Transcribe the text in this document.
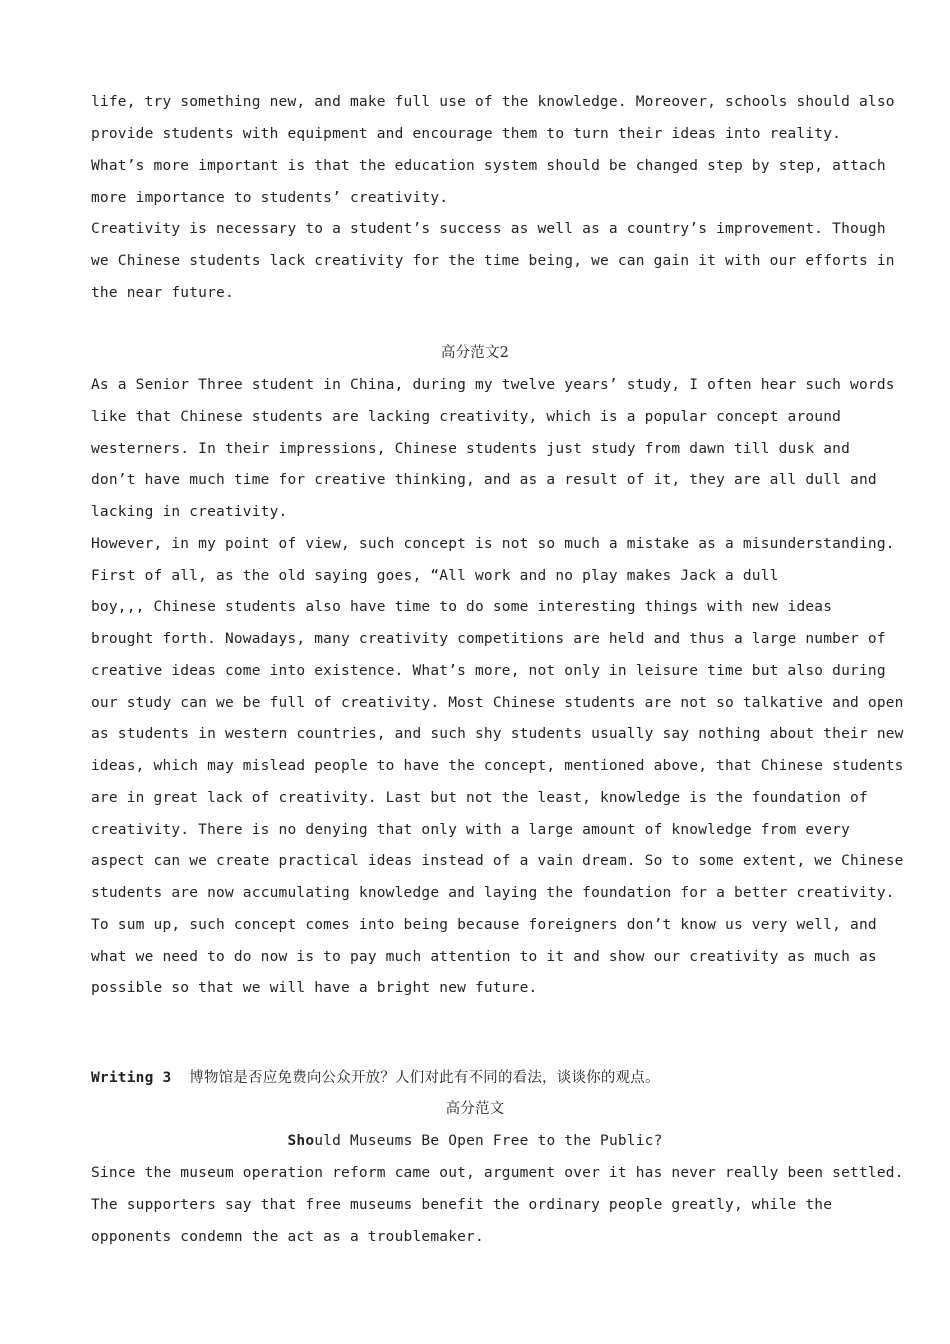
life, try something new, and make full use of the knowledge. Moreover, schools should also
provide students with equipment and encourage them to turn their ideas into reality.
What’s more important is that the education system should be changed step by step, attach
more importance to students’ creativity.
Creativity is necessary to a student’s success as well as a country’s improvement. Though
we Chinese students lack creativity for the time being, we can gain it with our efforts in
the near future.
高分范文2
As a Senior Three student in China, during my twelve years’ study, I often hear such words
like that Chinese students are lacking creativity, which is a popular concept around
westerners. In their impressions, Chinese students just study from dawn till dusk and
don’t have much time for creative thinking, and as a result of it, they are all dull and
lacking in creativity.
However, in my point of view, such concept is not so much a mistake as a misunderstanding.
First of all, as the old saying goes, “All work and no play makes Jack a dull
boy,,, Chinese students also have time to do some interesting things with new ideas
brought forth. Nowadays, many creativity competitions are held and thus a large number of
creative ideas come into existence. What’s more, not only in leisure time but also during
our study can we be full of creativity. Most Chinese students are not so talkative and open
as students in western countries, and such shy students usually say nothing about their new
ideas, which may mislead people to have the concept, mentioned above, that Chinese students
are in great lack of creativity. Last but not the least, knowledge is the foundation of
creativity. There is no denying that only with a large amount of knowledge from every
aspect can we create practical ideas instead of a vain dream. So to some extent, we Chinese
students are now accumulating knowledge and laying the foundation for a better creativity.
To sum up, such concept comes into being because foreigners don’t know us very well, and
what we need to do now is to pay much attention to it and show our creativity as much as
possible so that we will have a bright new future.
Writing 3 博物馆是否应免费向公众开放？人们对此有不同的看法，谈谈你的观点。
高分范文
Should Museums Be Open Free to the Public?
Since the museum operation reform came out, argument over it has never really been settled.
The supporters say that free museums benefit the ordinary people greatly, while the
opponents condemn the act as a troublemaker.
